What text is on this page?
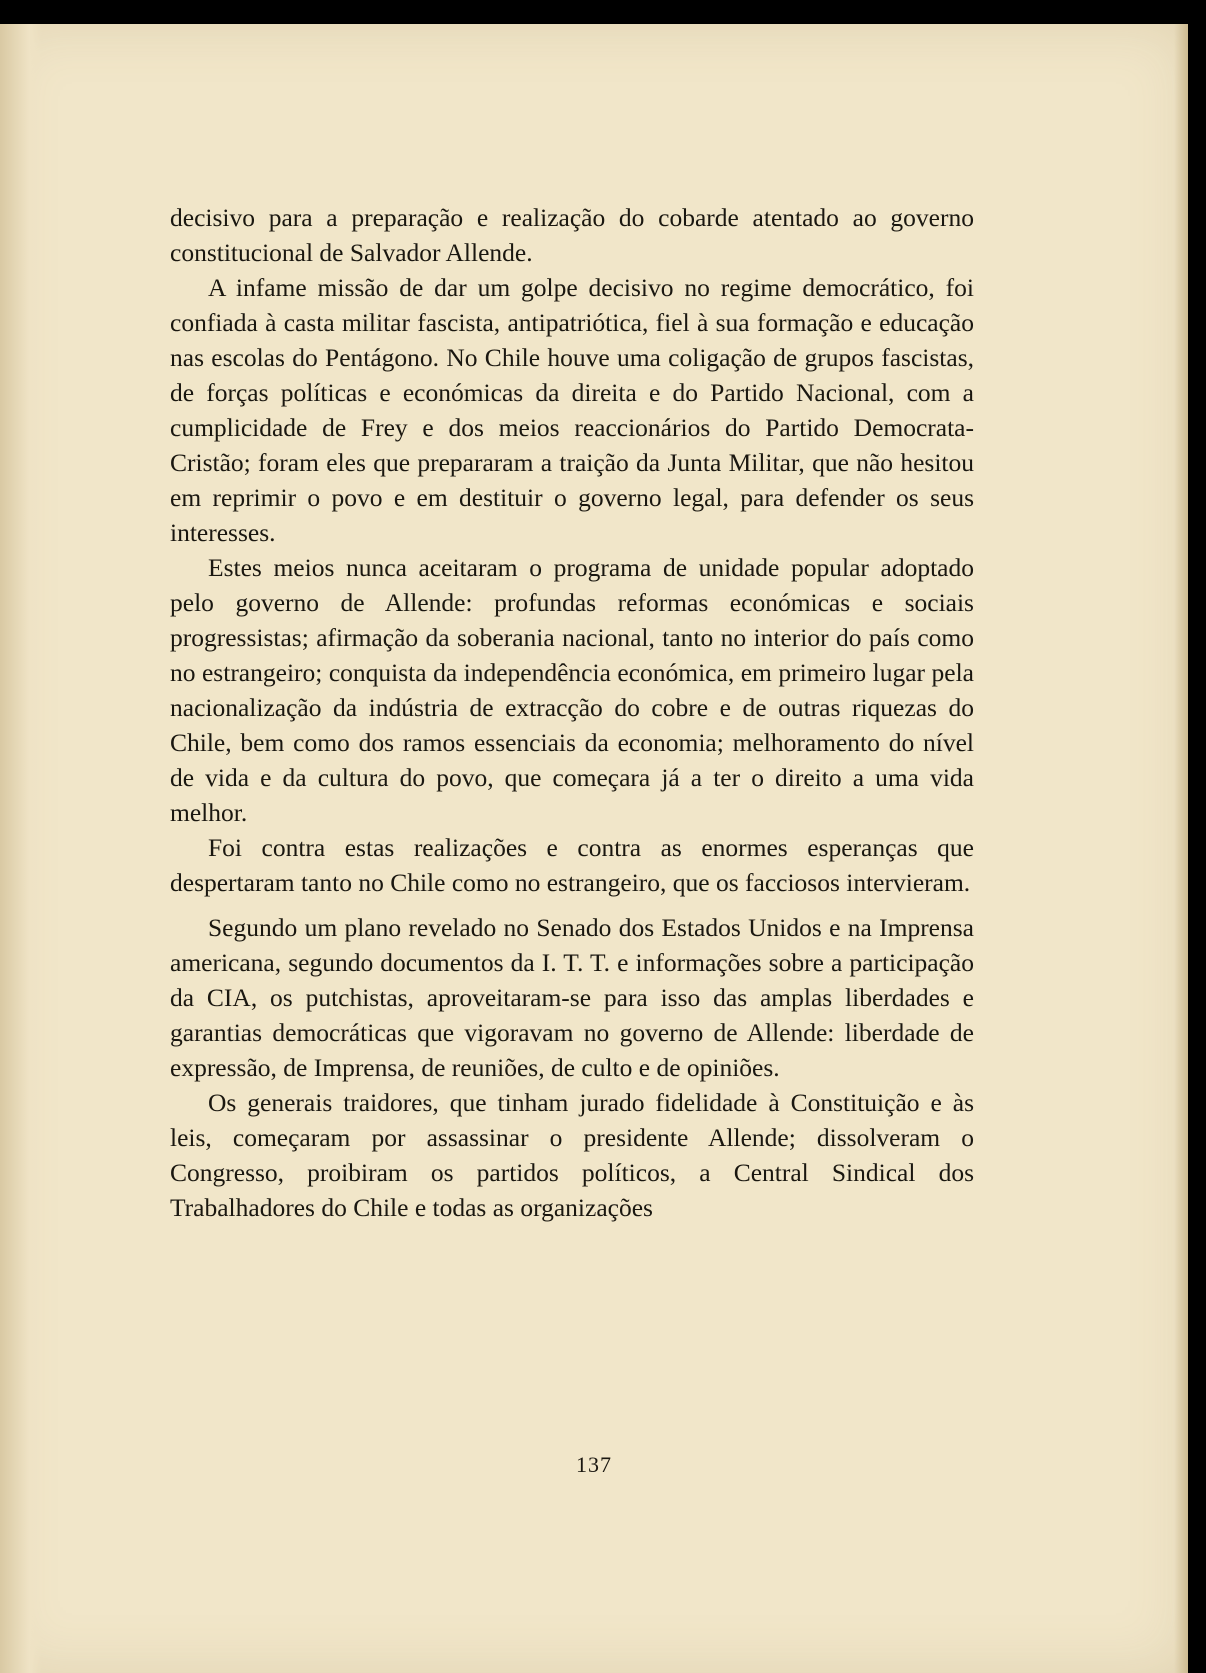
decisivo para a preparação e realização do cobarde atentado ao governo constitucional de Salvador Allende.

A infame missão de dar um golpe decisivo no regime democrático, foi confiada à casta militar fascista, antipatriótica, fiel à sua formação e educação nas escolas do Pentágono. No Chile houve uma coligação de grupos fascistas, de forças políticas e económicas da direita e do Partido Nacional, com a cumplicidade de Frey e dos meios reaccionários do Partido Democrata-Cristão; foram eles que prepararam a traição da Junta Militar, que não hesitou em reprimir o povo e em destituir o governo legal, para defender os seus interesses.

Estes meios nunca aceitaram o programa de unidade popular adoptado pelo governo de Allende: profundas reformas económicas e sociais progressistas; afirmação da soberania nacional, tanto no interior do país como no estrangeiro; conquista da independência económica, em primeiro lugar pela nacionalização da indústria de extracção do cobre e de outras riquezas do Chile, bem como dos ramos essenciais da economia; melhoramento do nível de vida e da cultura do povo, que começara já a ter o direito a uma vida melhor.

Foi contra estas realizações e contra as enormes esperanças que despertaram tanto no Chile como no estrangeiro, que os facciosos intervieram.

Segundo um plano revelado no Senado dos Estados Unidos e na Imprensa americana, segundo documentos da I. T. T. e informações sobre a participação da CIA, os putchistas, aproveitaram-se para isso das amplas liberdades e garantias democráticas que vigoravam no governo de Allende: liberdade de expressão, de Imprensa, de reuniões, de culto e de opiniões.

Os generais traidores, que tinham jurado fidelidade à Constituição e às leis, começaram por assassinar o presidente Allende; dissolveram o Congresso, proibiram os partidos políticos, a Central Sindical dos Trabalhadores do Chile e todas as organizações

137
